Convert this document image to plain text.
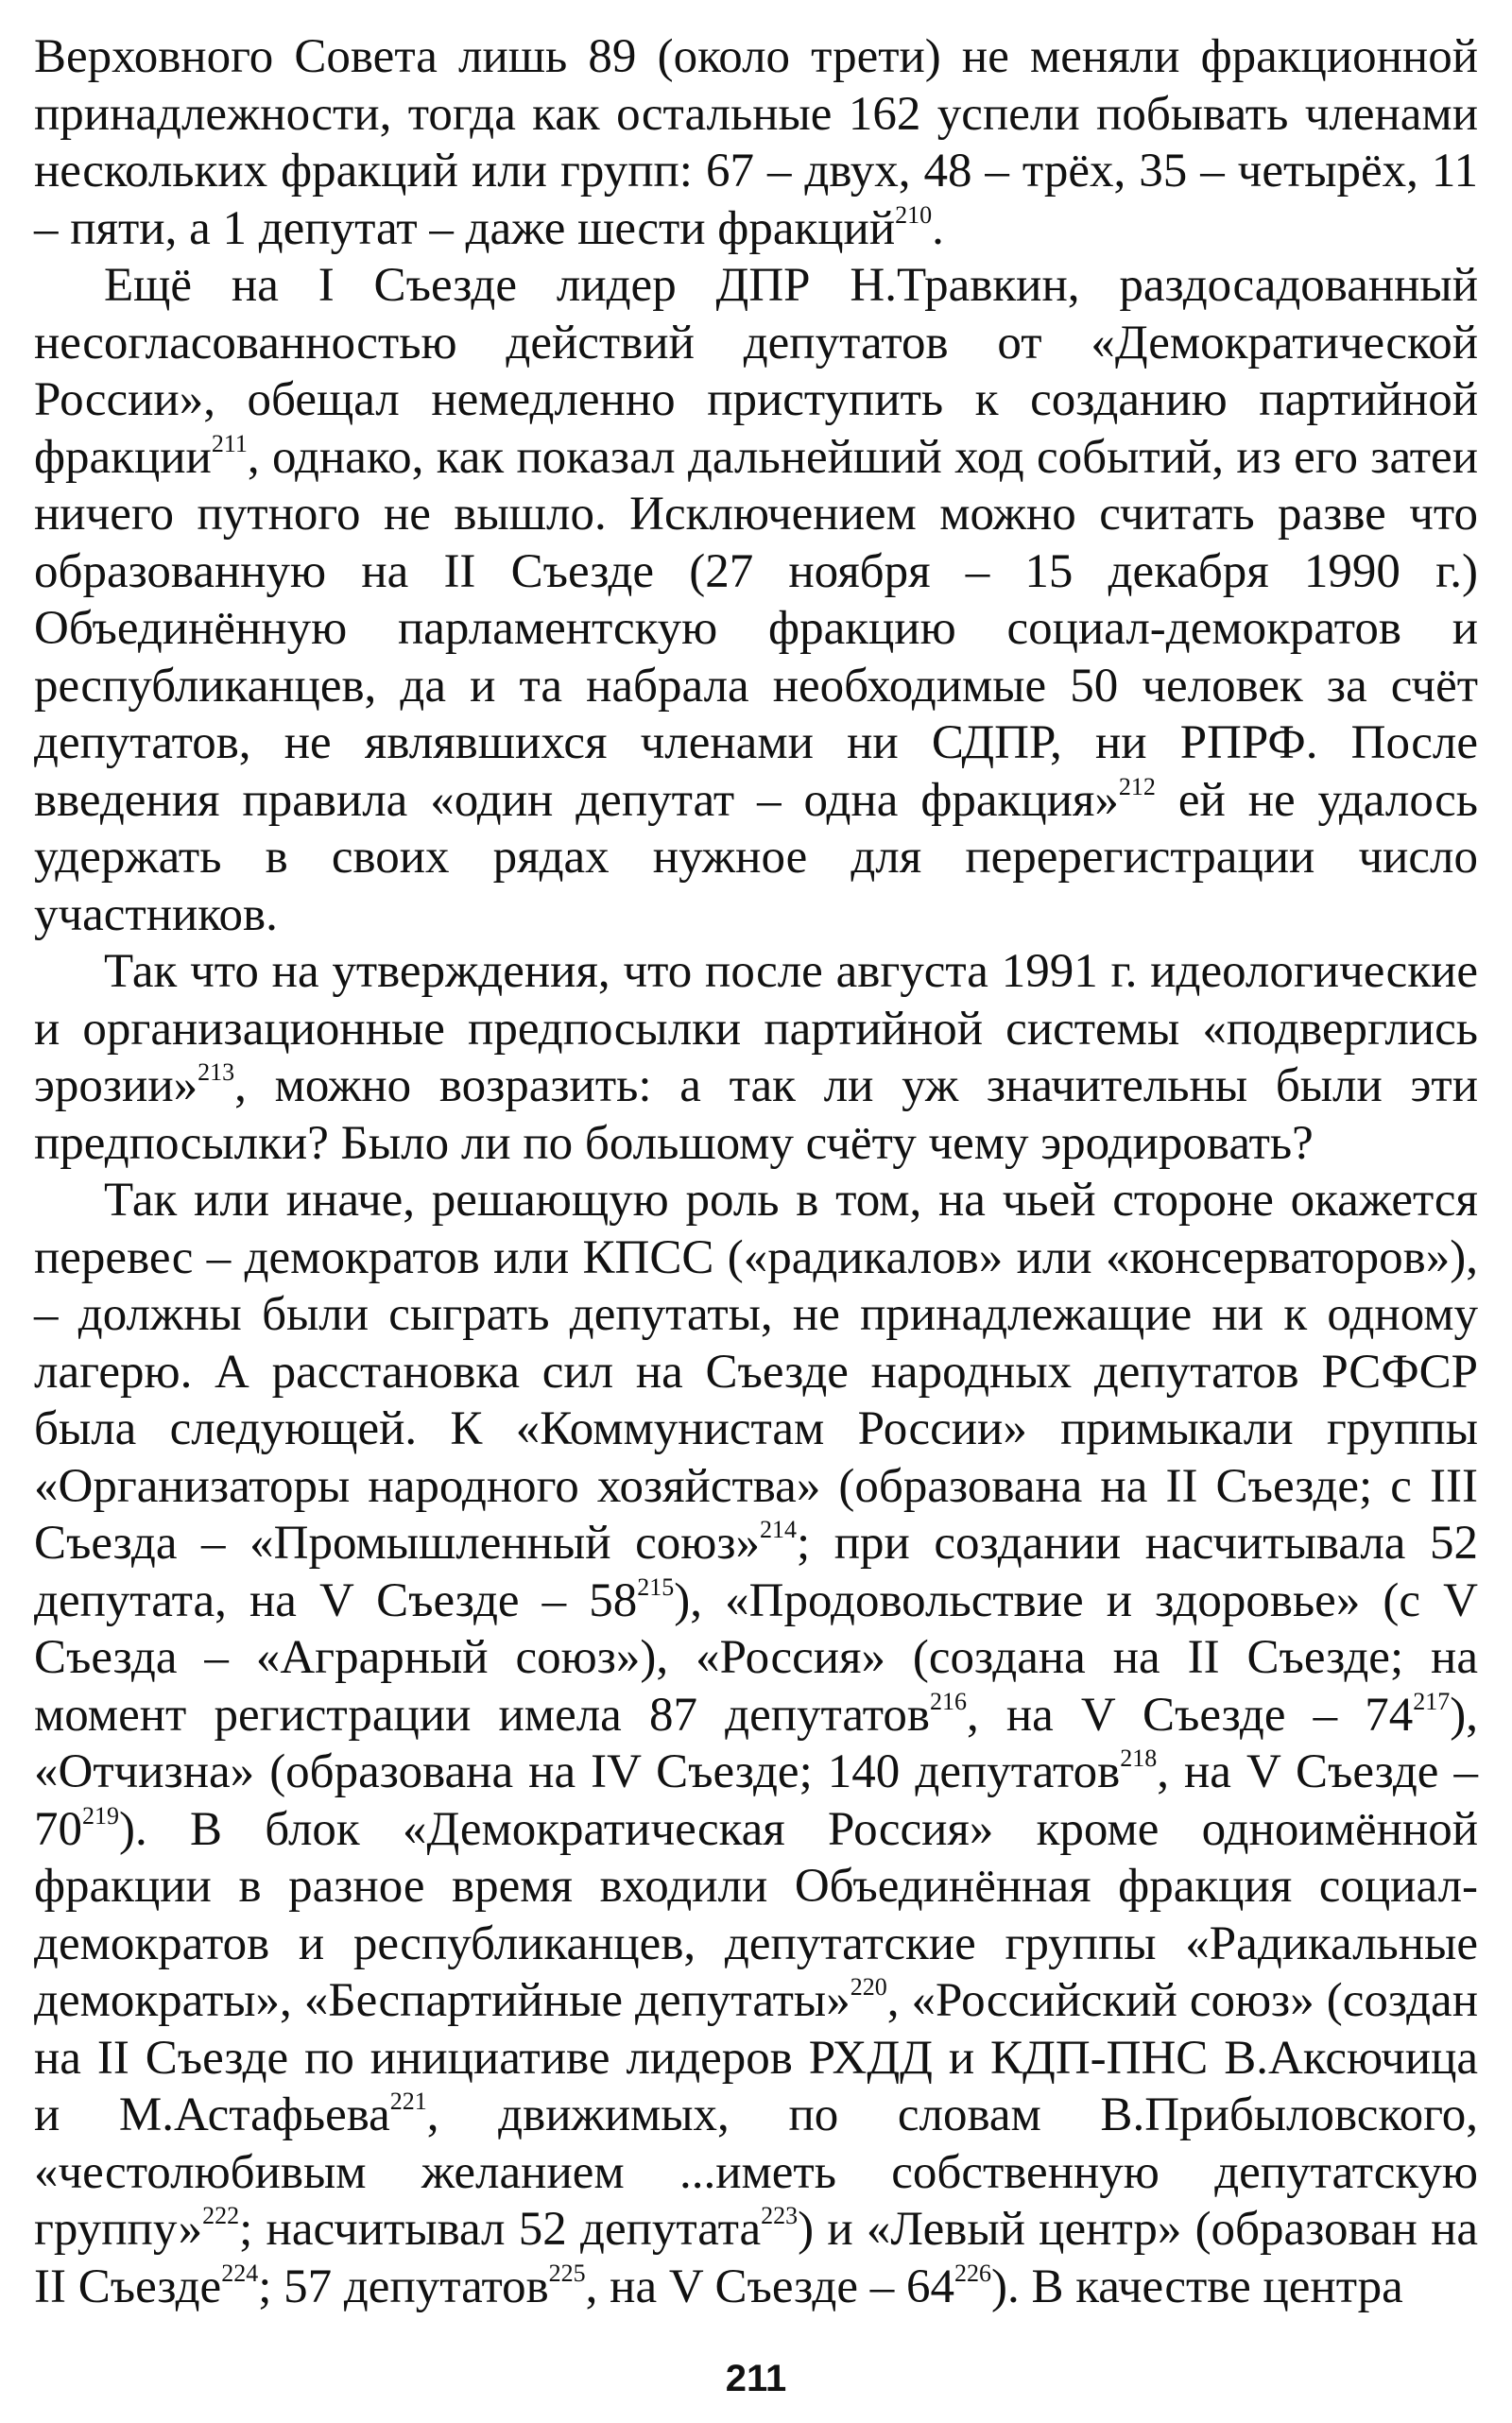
Верховного Совета лишь 89 (около трети) не меняли фракционной принадлежности, тогда как остальные 162 успели побывать членами нескольких фракций или групп: 67 – двух, 48 – трёх, 35 – четырёх, 11 – пяти, а 1 депутат – даже шести фракций$^{210}$.

Ещё на I Съезде лидер ДПР Н.Травкин, раздосадованный несогласованностью действий депутатов от «Демократической России», обещал немедленно приступить к созданию партийной фракции$^{211}$, однако, как показал дальнейший ход событий, из его затеи ничего путного не вышло. Исключением можно считать разве что образованную на II Съезде (27 ноября – 15 декабря 1990 г.) Объединённую парламентскую фракцию социал-демократов и республиканцев, да и та набрала необходимые 50 человек за счёт депутатов, не являвшихся членами ни СДПР, ни РПРФ. После введения правила «один депутат – одна фракция»$^{212}$ ей не удалось удержать в своих рядах нужное для перерегистрации число участников.

Так что на утверждения, что после августа 1991 г. идеологические и организационные предпосылки партийной системы «подверглись эрозии»$^{213}$, можно возразить: а так ли уж значительны были эти предпосылки? Было ли по большому счёту чему эродировать?

Так или иначе, решающую роль в том, на чьей стороне окажется перевес – демократов или КПСС («радикалов» или «консерваторов»), – должны были сыграть депутаты, не принадлежащие ни к одному лагерю. А расстановка сил на Съезде народных депутатов РСФСР была следующей. К «Коммунистам России» примыкали группы «Организаторы народного хозяйства» (образована на II Съезде; с III Съезда – «Промышленный союз»$^{214}$; при создании насчитывала 52 депутата, на V Съезде – $58^{215}$), «Продовольствие и здоровье» (с V Съезда – «Аграрный союз»), «Россия» (создана на II Съезде; на момент регистрации имела 87 депутатов$^{216}$, на V Съезде – $74^{217}$), «Отчизна» (образована на IV Съезде; 140 депутатов$^{218}$, на V Съезде – $70^{219}$). В блок «Демократическая Россия» кроме одноимённой фракции в разное время входили Объединённая фракция социал-демократов и республиканцев, депутатские группы «Радикальные демократы», «Беспартийные депутаты»$^{220}$, «Российский союз» (создан на II Съезде по инициативе лидеров РХДД и КДП-ПНС В.Аксючица и М.Астафьева$^{221}$, движимых, по словам В.Прибыловского, «честолюбивым желанием ...иметь собственную депутатскую группу»$^{222}$; насчитывал 52 депутата$^{223}$) и «Левый центр» (образован на II Съезде$^{224}$; 57 депутатов$^{225}$, на V Съезде – $64^{226}$). В качестве центра

211
